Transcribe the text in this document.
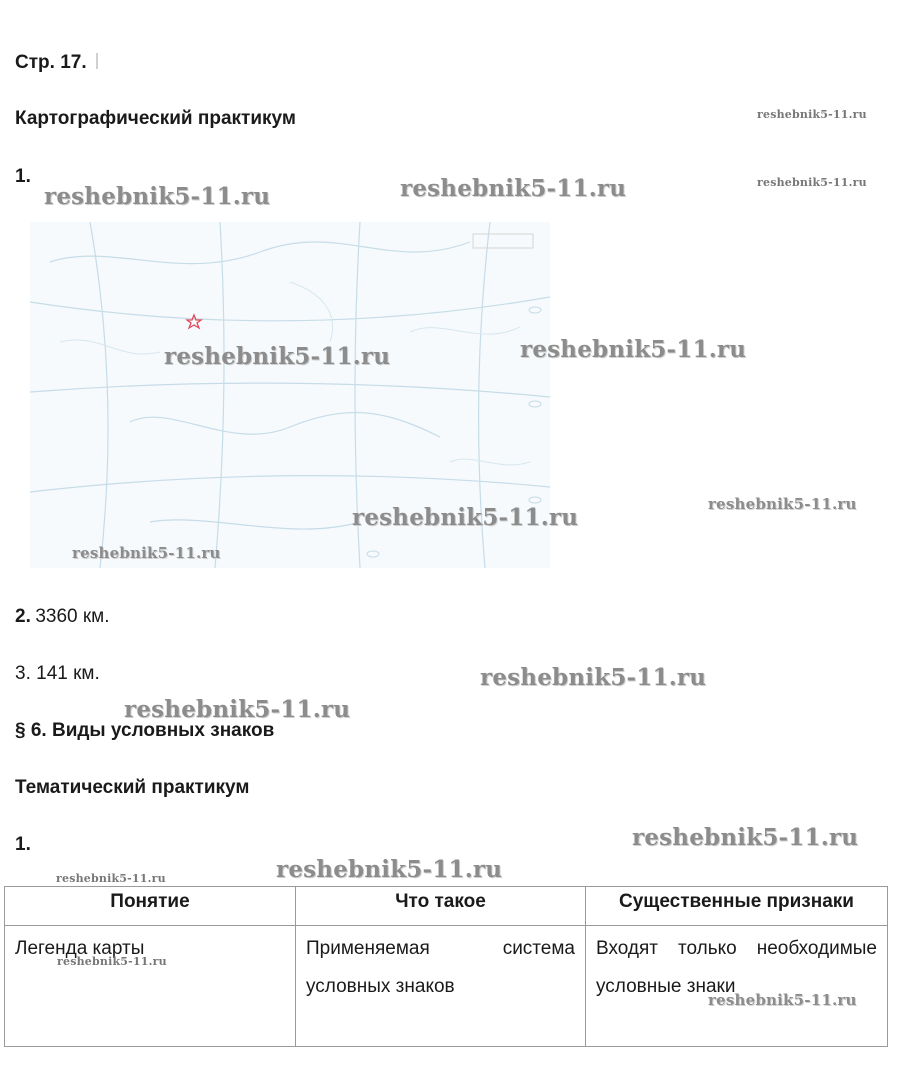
Стр. 17.
Картографический практикум
1.
2. 3360 км.
3. 141 км.
§ 6. Виды условных знаков
Тематический практикум
1.
Понятие	Что такое	Существенные признаки
Легенда карты	Применяемая система условных знаков	Входят только необходимые условные знаки
reshebnik5-11.ru
reshebnik5-11.ru	reshebnik5-11.ru	reshebnik5-11.ru
reshebnik5-11.ru	reshebnik5-11.ru
reshebnik5-11.ru
reshebnik5-11.ru
reshebnik5-11.ru
reshebnik5-11.ru
reshebnik5-11.ru
reshebnik5-11.ru
reshebnik5-11.ru	reshebnik5-11.ru
reshebnik5-11.ru
reshebnik5-11.ru
